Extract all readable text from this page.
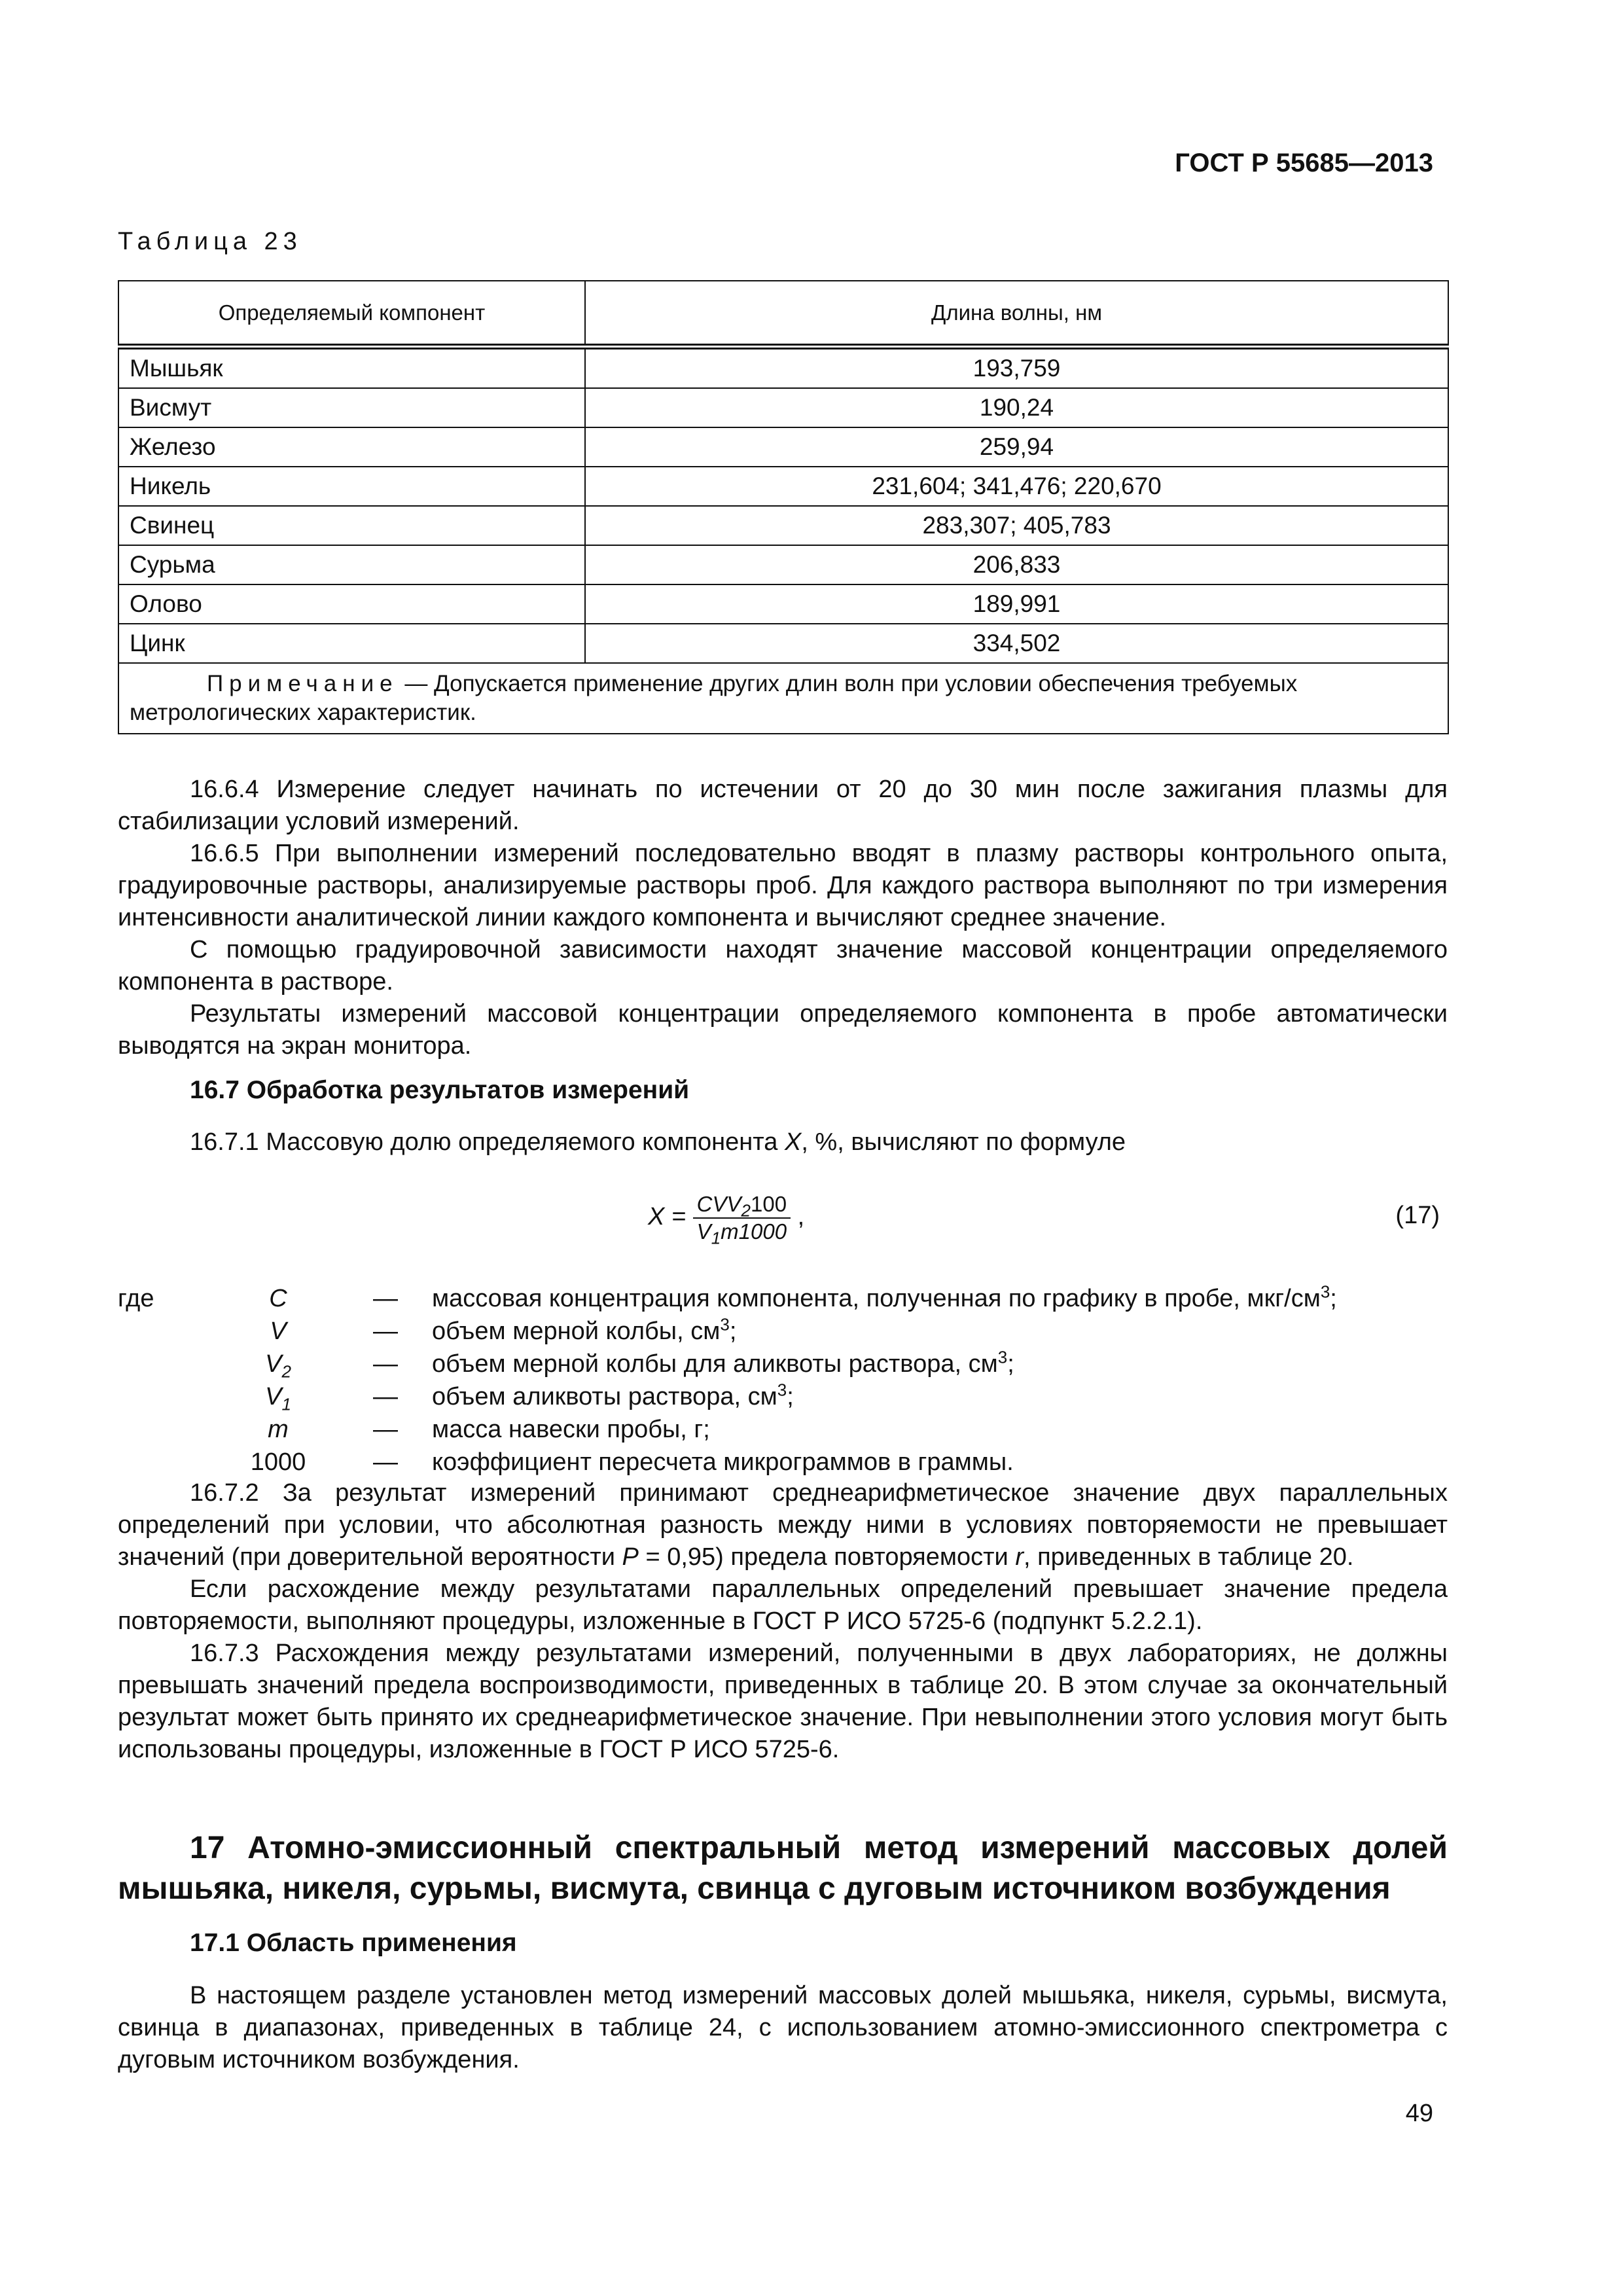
ГОСТ Р 55685—2013
Таблица 23
Определяемый компонент	Длина волны, нм
Мышьяк	193,759
Висмут	190,24
Железо	259,94
Никель	231,604; 341,476; 220,670
Свинец	283,307; 405,783
Сурьма	206,833
Олово	189,991
Цинк	334,502
Примечание — Допускается применение других длин волн при условии обеспечения требуемых метрологических характеристик.	

16.6.4 Измерение следует начинать по истечении от 20 до 30 мин после зажигания плазмы для стабилизации условий измерений.

16.6.5 При выполнении измерений последовательно вводят в плазму растворы контрольного опыта, градуировочные растворы, анализируемые растворы проб. Для каждого раствора выполняют по три измерения интенсивности аналитической линии каждого компонента и вычисляют среднее значение.

С помощью градуировочной зависимости находят значение массовой концентрации определяемого компонента в растворе.

Результаты измерений массовой концентрации определяемого компонента в пробе автоматически выводятся на экран монитора.

16.7 Обработка результатов измерений
16.7.1 Массовую долю определяемого компонента X, %, вычисляют по формуле
$X = \frac{CVV_2100}{V_1m1000}$ ,	(17)
где	C	— массовая концентрация компонента, полученная по графику в пробе, мкг/$см^3$;
V	— объем мерной колбы, $см^3$;
$V_2$	— объем мерной колбы для аликвоты раствора, $см^3$;
$V_1$	— объем аликвоты раствора, $см^3$;
m	— масса навески пробы, г;
1000	— коэффициент пересчета микрограммов в граммы.

16.7.2 За результат измерений принимают среднеарифметическое значение двух параллельных определений при условии, что абсолютная разность между ними в условиях повторяемости не превышает значений (при доверительной вероятности P = 0,95) предела повторяемости r, приведенных в таблице 20.

Если расхождение между результатами параллельных определений превышает значение предела повторяемости, выполняют процедуры, изложенные в ГОСТ Р ИСО 5725-6 (подпункт 5.2.2.1).

16.7.3 Расхождения между результатами измерений, полученными в двух лабораториях, не должны превышать значений предела воспроизводимости, приведенных в таблице 20. В этом случае за окончательный результат может быть принято их среднеарифметическое значение. При невыполнении этого условия могут быть использованы процедуры, изложенные в ГОСТ Р ИСО 5725-6.

17 Атомно-эмиссионный спектральный метод измерений массовых долей мышьяка, никеля, сурьмы, висмута, свинца с дуговым источником возбуждения
17.1 Область применения
В настоящем разделе установлен метод измерений массовых долей мышьяка, никеля, сурьмы, висмута, свинца в диапазонах, приведенных в таблице 24, с использованием атомно-эмиссионного спектрометра с дуговым источником возбуждения.
49
